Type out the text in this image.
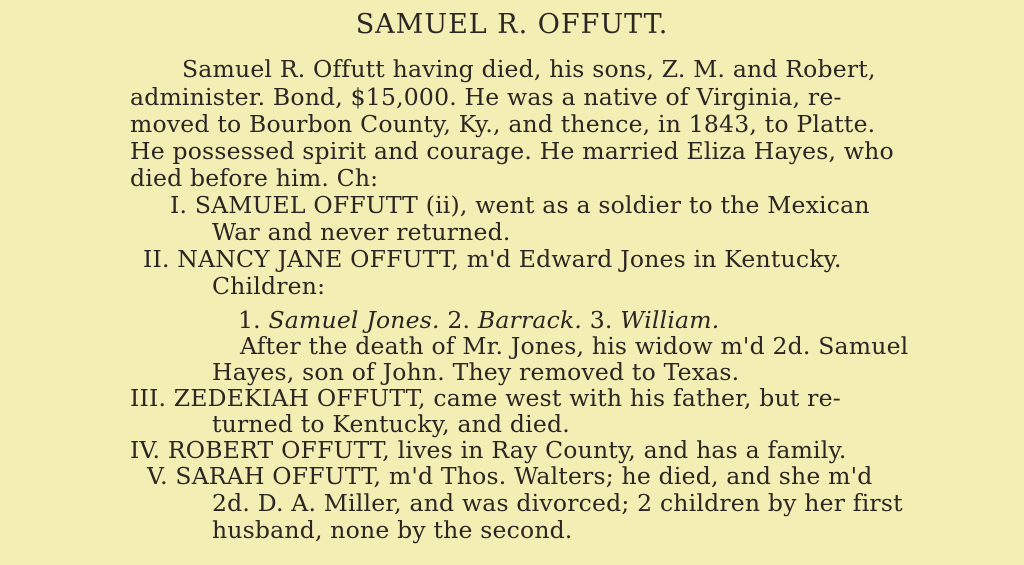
SAMUEL R. OFFUTT.
Samuel R. Offutt having died, his sons, Z. M. and Robert,
administer. Bond, $15,000. He was a native of Virginia, re-
moved to Bourbon County, Ky., and thence, in 1843, to Platte.
He possessed spirit and courage. He married Eliza Hayes, who
died before him. Ch:
I. SAMUEL OFFUTT (ii), went as a soldier to the Mexican
War and never returned.
II. NANCY JANE OFFUTT, m'd Edward Jones in Kentucky.
Children:
1. Samuel Jones. 2. Barrack. 3. William.
After the death of Mr. Jones, his widow m'd 2d. Samuel
Hayes, son of John. They removed to Texas.
III. ZEDEKIAH OFFUTT, came west with his father, but re-
turned to Kentucky, and died.
IV. ROBERT OFFUTT, lives in Ray County, and has a family.
V. SARAH OFFUTT, m'd Thos. Walters; he died, and she m'd
2d. D. A. Miller, and was divorced; 2 children by her first
husband, none by the second.
